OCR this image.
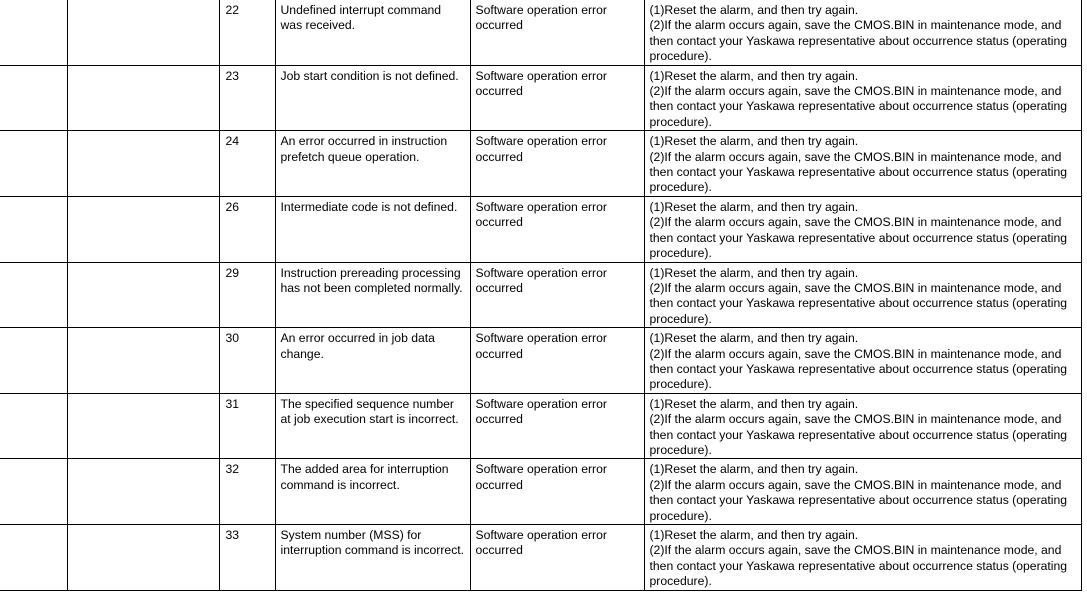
		22	Undefined interrupt command was received.	Software operation error occurred	(1)Reset the alarm, and then try again.
(2)If the alarm occurs again, save the CMOS.BIN in maintenance mode, and then contact your Yaskawa representative about occurrence status (operating procedure).

		23	Job start condition is not defined.	Software operation error occurred	(1)Reset the alarm, and then try again.
(2)If the alarm occurs again, save the CMOS.BIN in maintenance mode, and then contact your Yaskawa representative about occurrence status (operating procedure).

		24	An error occurred in instruction prefetch queue operation.	Software operation error occurred	(1)Reset the alarm, and then try again.
(2)If the alarm occurs again, save the CMOS.BIN in maintenance mode, and then contact your Yaskawa representative about occurrence status (operating procedure).

		26	Intermediate code is not defined.	Software operation error occurred	(1)Reset the alarm, and then try again.
(2)If the alarm occurs again, save the CMOS.BIN in maintenance mode, and then contact your Yaskawa representative about occurrence status (operating procedure).

		29	Instruction prereading processing has not been completed normally.	Software operation error occurred	(1)Reset the alarm, and then try again.
(2)If the alarm occurs again, save the CMOS.BIN in maintenance mode, and then contact your Yaskawa representative about occurrence status (operating procedure).

		30	An error occurred in job data change.	Software operation error occurred	(1)Reset the alarm, and then try again.
(2)If the alarm occurs again, save the CMOS.BIN in maintenance mode, and then contact your Yaskawa representative about occurrence status (operating procedure).

		31	The specified sequence number at job execution start is incorrect.	Software operation error occurred	(1)Reset the alarm, and then try again.
(2)If the alarm occurs again, save the CMOS.BIN in maintenance mode, and then contact your Yaskawa representative about occurrence status (operating procedure).

		32	The added area for interruption command is incorrect.	Software operation error occurred	(1)Reset the alarm, and then try again.
(2)If the alarm occurs again, save the CMOS.BIN in maintenance mode, and then contact your Yaskawa representative about occurrence status (operating procedure).

		33	System number (MSS) for interruption command is incorrect.	Software operation error occurred	(1)Reset the alarm, and then try again.
(2)If the alarm occurs again, save the CMOS.BIN in maintenance mode, and then contact your Yaskawa representative about occurrence status (operating procedure).
